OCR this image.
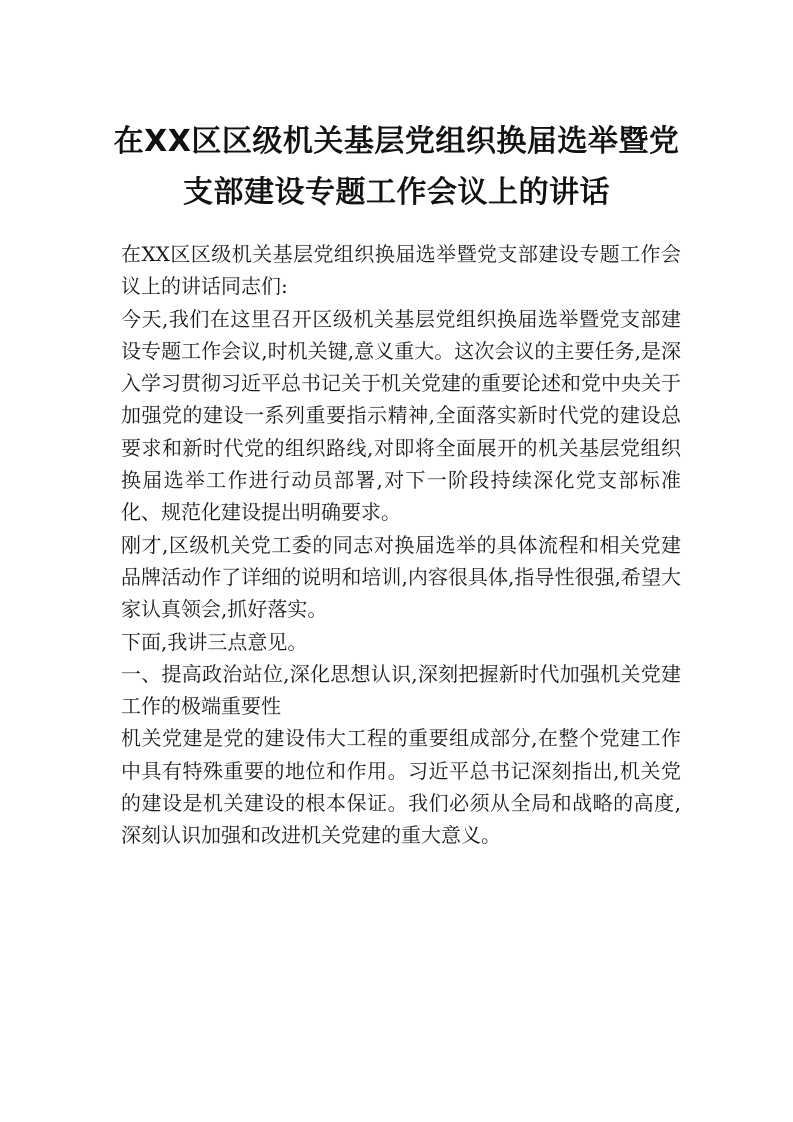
在XX区区级机关基层党组织换届选举暨党
支部建设专题工作会议上的讲话

在XX区区级机关基层党组织换届选举暨党支部建设专题工作会议上的讲话同志们:

今天,我们在这里召开区级机关基层党组织换届选举暨党支部建设专题工作会议,时机关键,意义重大。这次会议的主要任务,是深入学习贯彻习近平总书记关于机关党建的重要论述和党中央关于加强党的建设一系列重要指示精神,全面落实新时代党的建设总要求和新时代党的组织路线,对即将全面展开的机关基层党组织换届选举工作进行动员部署,对下一阶段持续深化党支部标准化、规范化建设提出明确要求。

刚才,区级机关党工委的同志对换届选举的具体流程和相关党建品牌活动作了详细的说明和培训,内容很具体,指导性很强,希望大家认真领会,抓好落实。

下面,我讲三点意见。

一、提高政治站位,深化思想认识,深刻把握新时代加强机关党建工作的极端重要性

机关党建是党的建设伟大工程的重要组成部分,在整个党建工作中具有特殊重要的地位和作用。习近平总书记深刻指出,机关党的建设是机关建设的根本保证。我们必须从全局和战略的高度,深刻认识加强和改进机关党建的重大意义。
